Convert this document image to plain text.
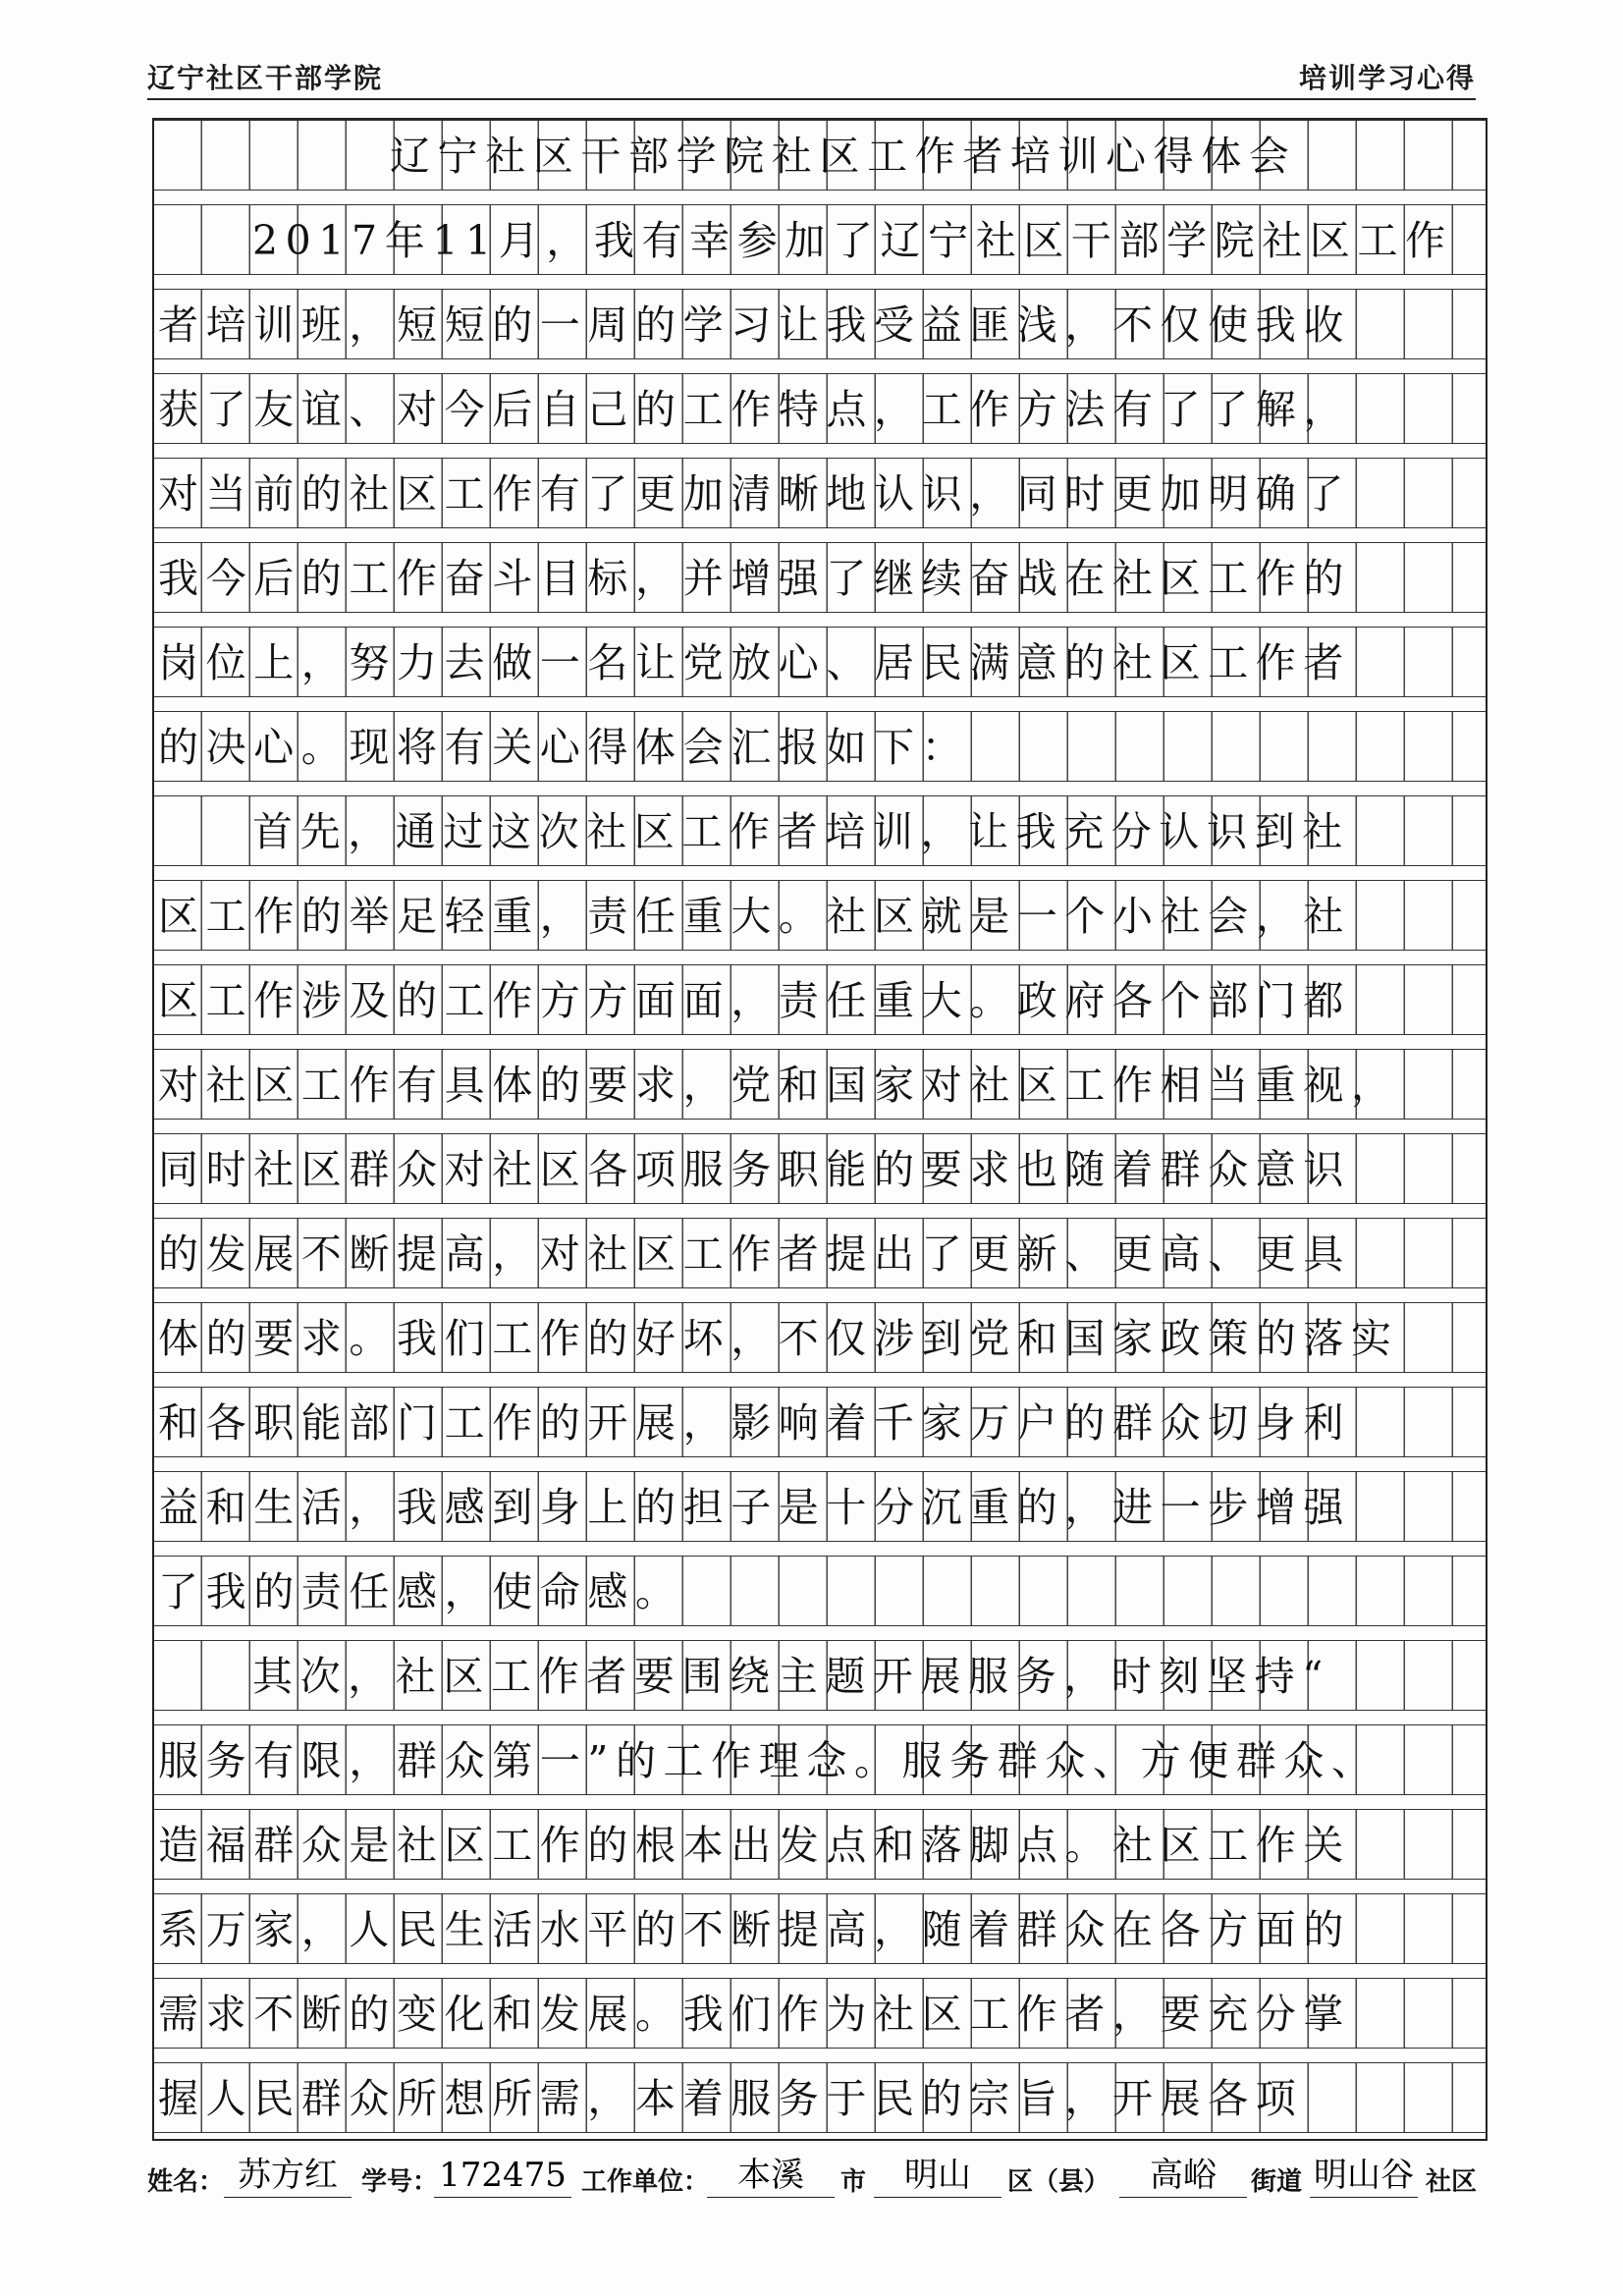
辽宁社区干部学院	培训学习心得
辽宁社区干部学院社区工作者培训心得体会
2017年11月，我有幸参加了辽宁社区干部学院社区工作
者培训班，短短的一周的学习让我受益匪浅，不仅使我收
获了友谊、对今后自己的工作特点，工作方法有了了解，
对当前的社区工作有了更加清晰地认识，同时更加明确了
我今后的工作奋斗目标，并增强了继续奋战在社区工作的
岗位上，努力去做一名让党放心、居民满意的社区工作者
的决心。现将有关心得体会汇报如下：
首先，通过这次社区工作者培训，让我充分认识到社
区工作的举足轻重，责任重大。社区就是一个小社会，社
区工作涉及的工作方方面面，责任重大。政府各个部门都
对社区工作有具体的要求，党和国家对社区工作相当重视，
同时社区群众对社区各项服务职能的要求也随着群众意识
的发展不断提高，对社区工作者提出了更新、更高、更具
体的要求。我们工作的好坏，不仅涉到党和国家政策的落实
和各职能部门工作的开展，影响着千家万户的群众切身利
益和生活，我感到身上的担子是十分沉重的，进一步增强
了我的责任感，使命感。
其次，社区工作者要围绕主题开展服务，时刻坚持“
服务有限，群众第一”的工作理念。服务群众、方便群众、
造福群众是社区工作的根本出发点和落脚点。社区工作关
系万家，人民生活水平的不断提高，随着群众在各方面的
需求不断的变化和发展。我们作为社区工作者，要充分掌
握人民群众所想所需，本着服务于民的宗旨，开展各项
姓名： 苏方红 学号： 172475 工作单位： 本溪	市	明山	区（县）	高峪	街道 明山谷 社区
